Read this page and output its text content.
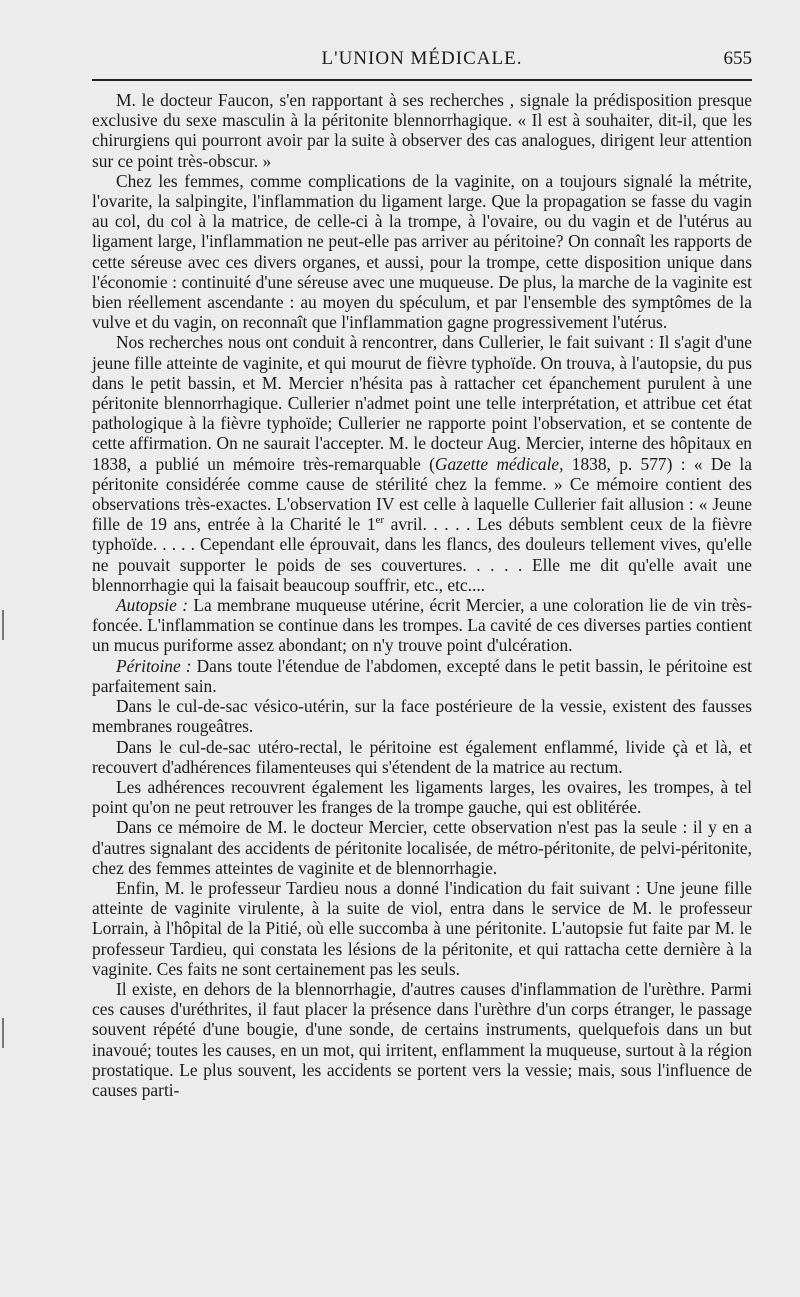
L'UNION MÉDICALE.	655

M. le docteur Faucon, s'en rapportant à ses recherches , signale la prédisposition presque exclusive du sexe masculin à la péritonite blennorrhagique. « Il est à souhaiter, dit-il, que les chirurgiens qui pourront avoir par la suite à observer des cas analogues, dirigent leur attention sur ce point très-obscur. »

Chez les femmes, comme complications de la vaginite, on a toujours signalé la métrite, l'ovarite, la salpingite, l'inflammation du ligament large. Que la propagation se fasse du vagin au col, du col à la matrice, de celle-ci à la trompe, à l'ovaire, ou du vagin et de l'utérus au ligament large, l'inflammation ne peut-elle pas arriver au péritoine? On connaît les rapports de cette séreuse avec ces divers organes, et aussi, pour la trompe, cette disposition unique dans l'économie : continuité d'une séreuse avec une muqueuse. De plus, la marche de la vaginite est bien réellement ascendante : au moyen du spéculum, et par l'ensemble des symptômes de la vulve et du vagin, on reconnaît que l'inflammation gagne progressivement l'utérus.

Nos recherches nous ont conduit à rencontrer, dans Cullerier, le fait suivant : Il s'agit d'une jeune fille atteinte de vaginite, et qui mourut de fièvre typhoïde. On trouva, à l'autopsie, du pus dans le petit bassin, et M. Mercier n'hésita pas à rattacher cet épanchement purulent à une péritonite blennorrhagique. Cullerier n'admet point une telle interprétation, et attribue cet état pathologique à la fièvre typhoïde; Cullerier ne rapporte point l'observation, et se contente de cette affirmation. On ne saurait l'accepter. M. le docteur Aug. Mercier, interne des hôpitaux en 1838, a publié un mémoire très-remarquable (Gazette médicale, 1838, p. 577) : « De la péritonite considérée comme cause de stérilité chez la femme. » Ce mémoire contient des observations très-exactes. L'observation IV est celle à laquelle Cullerier fait allusion : « Jeune fille de 19 ans, entrée à la Charité le 1er avril. . . . . Les débuts semblent ceux de la fièvre typhoïde. . . . . Cependant elle éprouvait, dans les flancs, des douleurs tellement vives, qu'elle ne pouvait supporter le poids de ses couvertures. . . . . Elle me dit qu'elle avait une blennorrhagie qui la faisait beaucoup souffrir, etc., etc....

Autopsie : La membrane muqueuse utérine, écrit Mercier, a une coloration lie de vin très-foncée. L'inflammation se continue dans les trompes. La cavité de ces diverses parties contient un mucus puriforme assez abondant; on n'y trouve point d'ulcération.

Péritoine : Dans toute l'étendue de l'abdomen, excepté dans le petit bassin, le péritoine est parfaitement sain.

Dans le cul-de-sac vésico-utérin, sur la face postérieure de la vessie, existent des fausses membranes rougeâtres.

Dans le cul-de-sac utéro-rectal, le péritoine est également enflammé, livide çà et là, et recouvert d'adhérences filamenteuses qui s'étendent de la matrice au rectum.

Les adhérences recouvrent également les ligaments larges, les ovaires, les trompes, à tel point qu'on ne peut retrouver les franges de la trompe gauche, qui est oblitérée.

Dans ce mémoire de M. le docteur Mercier, cette observation n'est pas la seule : il y en a d'autres signalant des accidents de péritonite localisée, de métro-péritonite, de pelvi-péritonite, chez des femmes atteintes de vaginite et de blennorrhagie.

Enfin, M. le professeur Tardieu nous a donné l'indication du fait suivant : Une jeune fille atteinte de vaginite virulente, à la suite de viol, entra dans le service de M. le professeur Lorrain, à l'hôpital de la Pitié, où elle succomba à une péritonite. L'autopsie fut faite par M. le professeur Tardieu, qui constata les lésions de la péritonite, et qui rattacha cette dernière à la vaginite. Ces faits ne sont certainement pas les seuls.

Il existe, en dehors de la blennorrhagie, d'autres causes d'inflammation de l'urèthre. Parmi ces causes d'uréthrites, il faut placer la présence dans l'urèthre d'un corps étranger, le passage souvent répété d'une bougie, d'une sonde, de certains instruments, quelquefois dans un but inavoué; toutes les causes, en un mot, qui irritent, enflamment la muqueuse, surtout à la région prostatique. Le plus souvent, les accidents se portent vers la vessie; mais, sous l'influence de causes parti-
